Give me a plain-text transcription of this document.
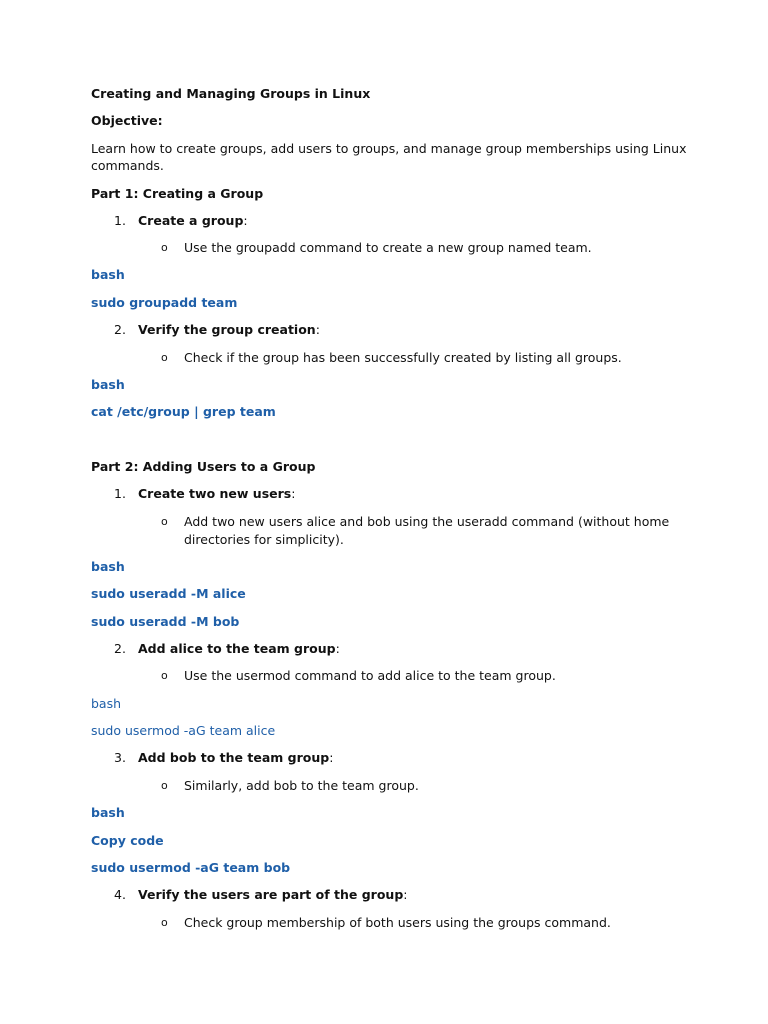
Creating and Managing Groups in Linux
Objective:
Learn how to create groups, add users to groups, and manage group memberships using Linux
commands.
Part 1: Creating a Group
1. Create a group:
o Use the groupadd command to create a new group named team.
bash
sudo groupadd team
2. Verify the group creation:
o Check if the group has been successfully created by listing all groups.
bash
cat /etc/group | grep team
Part 2: Adding Users to a Group
1. Create two new users:
o Add two new users alice and bob using the useradd command (without home
directories for simplicity).
bash
sudo useradd -M alice
sudo useradd -M bob
2. Add alice to the team group:
o Use the usermod command to add alice to the team group.
bash
sudo usermod -aG team alice
3. Add bob to the team group:
o Similarly, add bob to the team group.
bash
Copy code
sudo usermod -aG team bob
4. Verify the users are part of the group:
o Check group membership of both users using the groups command.
